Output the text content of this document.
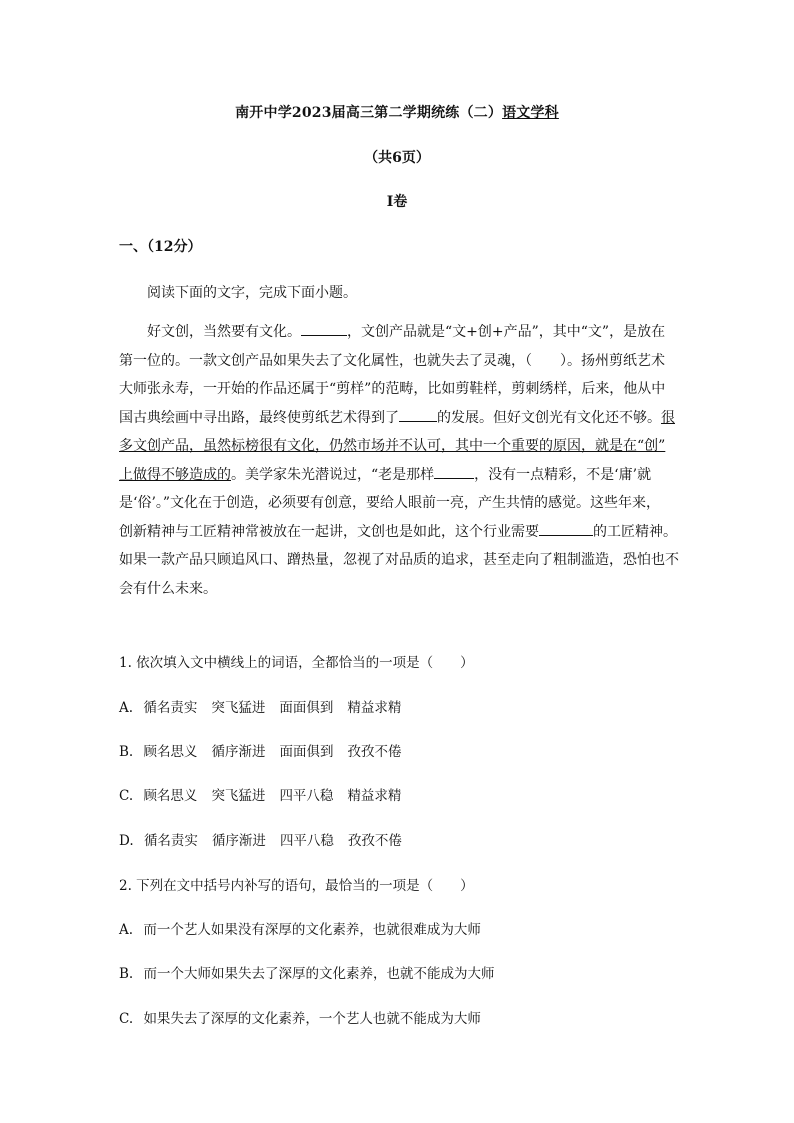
南开中学2023届高三第二学期统练（二）语文学科
（共6页）
Ⅰ卷
一、（12分）
阅读下面的文字，完成下面小题。
好文创，当然要有文化。	，文创产品就是“文+创+产品”，其中“文”，是放在
第一位的。一款文创产品如果失去了文化属性，也就失去了灵魂，（　　）。扬州剪纸艺术
大师张永寿，一开始的作品还属于“剪样”的范畴，比如剪鞋样，剪刺绣样，后来，他从中
国古典绘画中寻出路，最终使剪纸艺术得到了	的发展。但好文创光有文化还不够。很
多文创产品，虽然标榜很有文化，仍然市场并不认可，其中一个重要的原因，就是在“创”
上做得不够造成的。美学家朱光潜说过，“老是那样	，没有一点精彩，不是‘庸’就
是‘俗’。”文化在于创造，必须要有创意，要给人眼前一亮，产生共情的感觉。这些年来，
创新精神与工匠精神常被放在一起讲，文创也是如此，这个行业需要	的工匠精神。
如果一款产品只顾追风口、蹭热量，忽视了对品质的追求，甚至走向了粗制滥造，恐怕也不
会有什么未来。
1. 依次填入文中横线上的词语，全都恰当的一项是（　　）
A. 循名责实 突飞猛进 面面俱到 精益求精
B. 顾名思义 循序渐进 面面俱到 孜孜不倦
C. 顾名思义 突飞猛进 四平八稳 精益求精
D. 循名责实 循序渐进 四平八稳 孜孜不倦
2. 下列在文中括号内补写的语句，最恰当的一项是（　　）
A. 而一个艺人如果没有深厚的文化素养，也就很难成为大师
B. 而一个大师如果失去了深厚的文化素养，也就不能成为大师
C. 如果失去了深厚的文化素养，一个艺人也就不能成为大师
